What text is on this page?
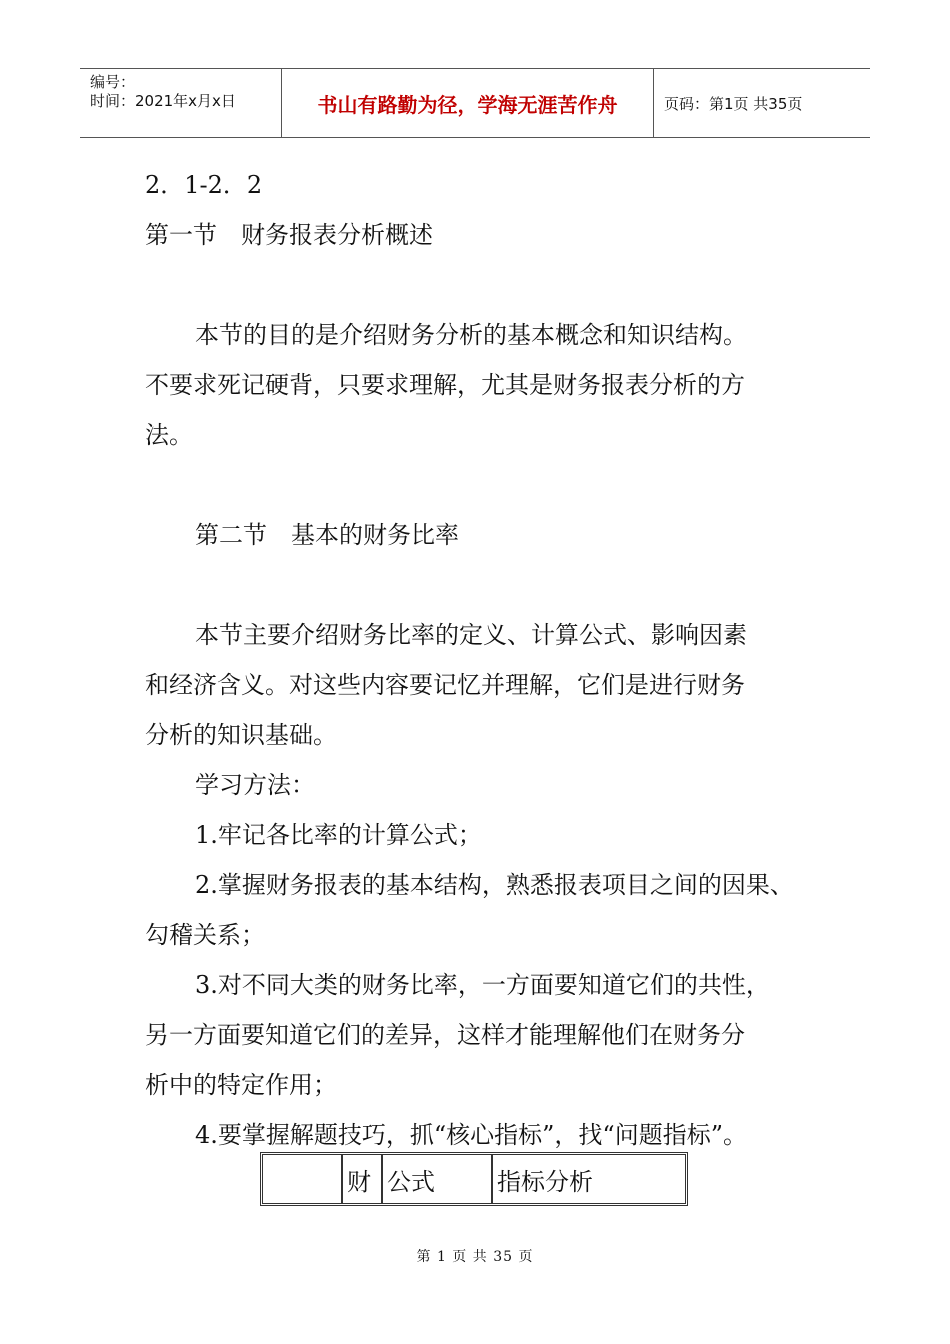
编号：
时间：2021年x月x日	书山有路勤为径，学海无涯苦作舟	页码：第1页 共35页

2．1-2．2

第一节　财务报表分析概述

本节的目的是介绍财务分析的基本概念和知识结构。

不要求死记硬背，只要求理解，尤其是财务报表分析的方

法。

第二节　基本的财务比率

本节主要介绍财务比率的定义、计算公式、影响因素

和经济含义。对这些内容要记忆并理解，它们是进行财务

分析的知识基础。

学习方法：

1.牢记各比率的计算公式；

2.掌握财务报表的基本结构，熟悉报表项目之间的因果、

勾稽关系；

3.对不同大类的财务比率，一方面要知道它们的共性，

另一方面要知道它们的差异，这样才能理解他们在财务分

析中的特定作用；

4.要掌握解题技巧，抓“核心指标”，找“问题指标”。

	财	公式	指标分析
第 1 页 共 35 页
